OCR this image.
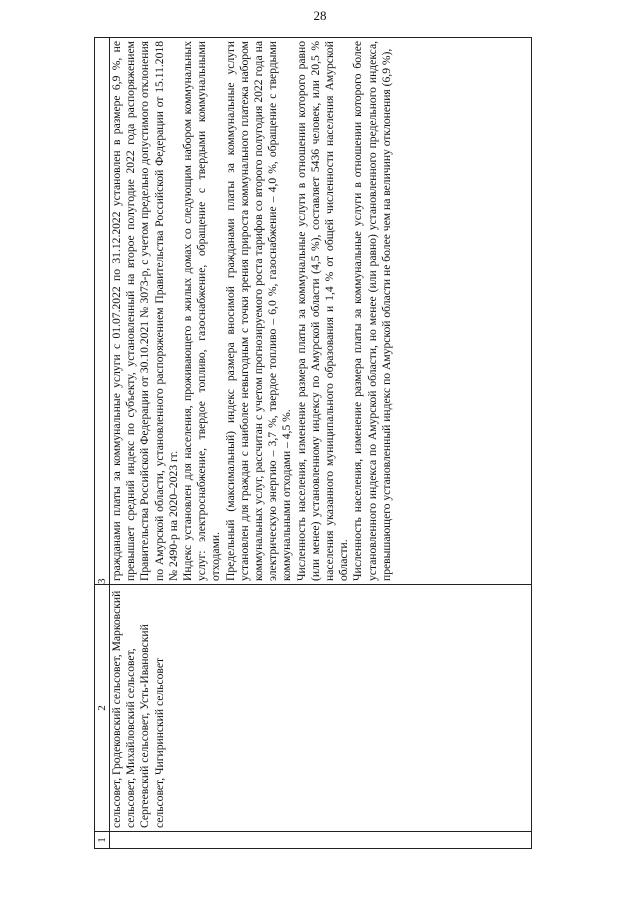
28
1	2	3
	сельсовет, Гродековский сельсовет, Марковский сельсовет, Михайловский сельсовет, Сергеевский сельсовет, Усть-Ивановский сельсовет, Чигиринский сельсовет	гражданами платы за коммунальные услуги с 01.07.2022 по 31.12.2022 установлен в размере 6,9 %, не превышает средний индекс по субъекту, установленный на второе полугодие 2022 года распоряжением Правительства Российской Федерации от 30.10.2021 № 3073-р, с учетом предельно допустимого отклонения по Амурской области, установленного распоряжением Правительства Российской Федерации от 15.11.2018 № 2490-р на 2020–2023 гг. Индекс установлен для населения, проживающего в жилых домах со следующим набором коммунальных услуг: электроснабжение, твердое топливо, газоснабжение, обращение с твердыми коммунальными отходами. Предельный (максимальный) индекс размера вносимой гражданами платы за коммунальные услуги установлен для граждан с наиболее невыгодным с точки зрения прироста коммунального платежа набором коммунальных услуг, рассчитан с учетом прогнозируемого роста тарифов со второго полугодия 2022 года на электрическую энергию – 3,7 %, твердое топливо – 6,0 %, газоснабжение – 4,0 %, обращение с твердыми коммунальными отходами – 4,5 %. Численность населения, изменение размера платы за коммунальные услуги в отношении которого равно (или менее) установленному индексу по Амурской области (4,5 %), составляет 5436 человек, или 20,5 % населения указанного муниципального образования и 1,4 % от общей численности населения Амурской области. Численность населения, изменение размера платы за коммунальные услуги в отношении которого более установленного индекса по Амурской области, но менее (или равно) установленного предельного индекса, превышающего установленный индекс по Амурской области не более чем на величину отклонения (6,9 %),
